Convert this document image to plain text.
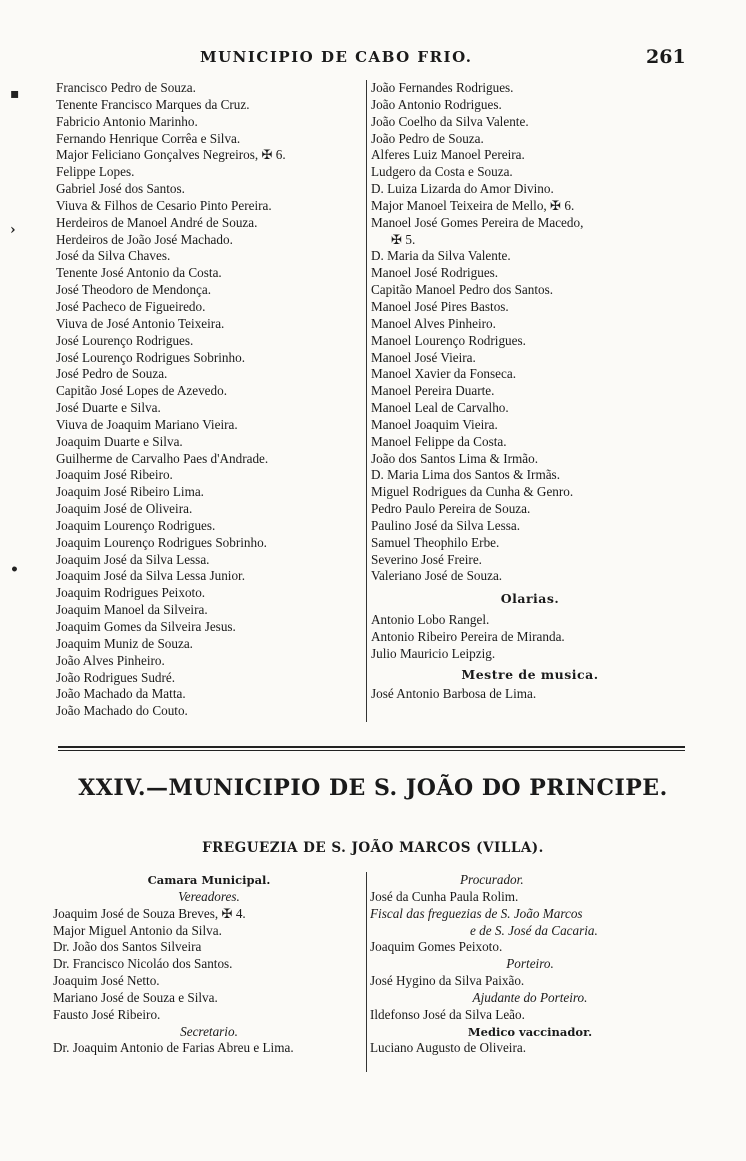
MUNICIPIO DE CABO FRIO.	261
▪
›
•
Francisco Pedro de Souza.
Tenente Francisco Marques da Cruz.
Fabricio Antonio Marinho.
Fernando Henrique Corrêa e Silva.
Major Feliciano Gonçalves Negreiros, ✠ 6.
Felippe Lopes.
Gabriel José dos Santos.
Viuva & Filhos de Cesario Pinto Pereira.
Herdeiros de Manoel André de Souza.
Herdeiros de João José Machado.
José da Silva Chaves.
Tenente José Antonio da Costa.
José Theodoro de Mendonça.
José Pacheco de Figueiredo.
Viuva de José Antonio Teixeira.
José Lourenço Rodrigues.
José Lourenço Rodrigues Sobrinho.
José Pedro de Souza.
Capitão José Lopes de Azevedo.
José Duarte e Silva.
Viuva de Joaquim Mariano Vieira.
Joaquim Duarte e Silva.
Guilherme de Carvalho Paes d'Andrade.
Joaquim José Ribeiro.
Joaquim José Ribeiro Lima.
Joaquim José de Oliveira.
Joaquim Lourenço Rodrigues.
Joaquim Lourenço Rodrigues Sobrinho.
Joaquim José da Silva Lessa.
Joaquim José da Silva Lessa Junior.
Joaquim Rodrigues Peixoto.
Joaquim Manoel da Silveira.
Joaquim Gomes da Silveira Jesus.
Joaquim Muniz de Souza.
João Alves Pinheiro.
João Rodrigues Sudré.
João Machado da Matta.
João Machado do Couto.
João Fernandes Rodrigues.
João Antonio Rodrigues.
João Coelho da Silva Valente.
João Pedro de Souza.
Alferes Luiz Manoel Pereira.
Ludgero da Costa e Souza.
D. Luiza Lizarda do Amor Divino.
Major Manoel Teixeira de Mello, ✠ 6.
Manoel José Gomes Pereira de Macedo,
✠ 5.
D. Maria da Silva Valente.
Manoel José Rodrigues.
Capitão Manoel Pedro dos Santos.
Manoel José Pires Bastos.
Manoel Alves Pinheiro.
Manoel Lourenço Rodrigues.
Manoel José Vieira.
Manoel Xavier da Fonseca.
Manoel Pereira Duarte.
Manoel Leal de Carvalho.
Manoel Joaquim Vieira.
Manoel Felippe da Costa.
João dos Santos Lima & Irmão.
D. Maria Lima dos Santos & Irmãs.
Miguel Rodrigues da Cunha & Genro.
Pedro Paulo Pereira de Souza.
Paulino José da Silva Lessa.
Samuel Theophilo Erbe.
Severino José Freire.
Valeriano José de Souza.
Olarias.
Antonio Lobo Rangel.
Antonio Ribeiro Pereira de Miranda.
Julio Mauricio Leipzig.
Mestre de musica.
José Antonio Barbosa de Lima.
XXIV.—MUNICIPIO DE S. JOÃO DO PRINCIPE.
FREGUEZIA DE S. JOÃO MARCOS (VILLA).
Camara Municipal.
Vereadores.
Joaquim José de Souza Breves, ✠ 4.
Major Miguel Antonio da Silva.
Dr. João dos Santos Silveira
Dr. Francisco Nicoláo dos Santos.
Joaquim José Netto.
Mariano José de Souza e Silva.
Fausto José Ribeiro.
Secretario.
Dr. Joaquim Antonio de Farias Abreu e Lima.
Procurador.
José da Cunha Paula Rolim.
Fiscal das freguezias de S. João Marcos
e de S. José da Cacaria.
Joaquim Gomes Peixoto.
Porteiro.
José Hygino da Silva Paixão.
Ajudante do Porteiro.
Ildefonso José da Silva Leão.
Medico vaccinador.
Luciano Augusto de Oliveira.
